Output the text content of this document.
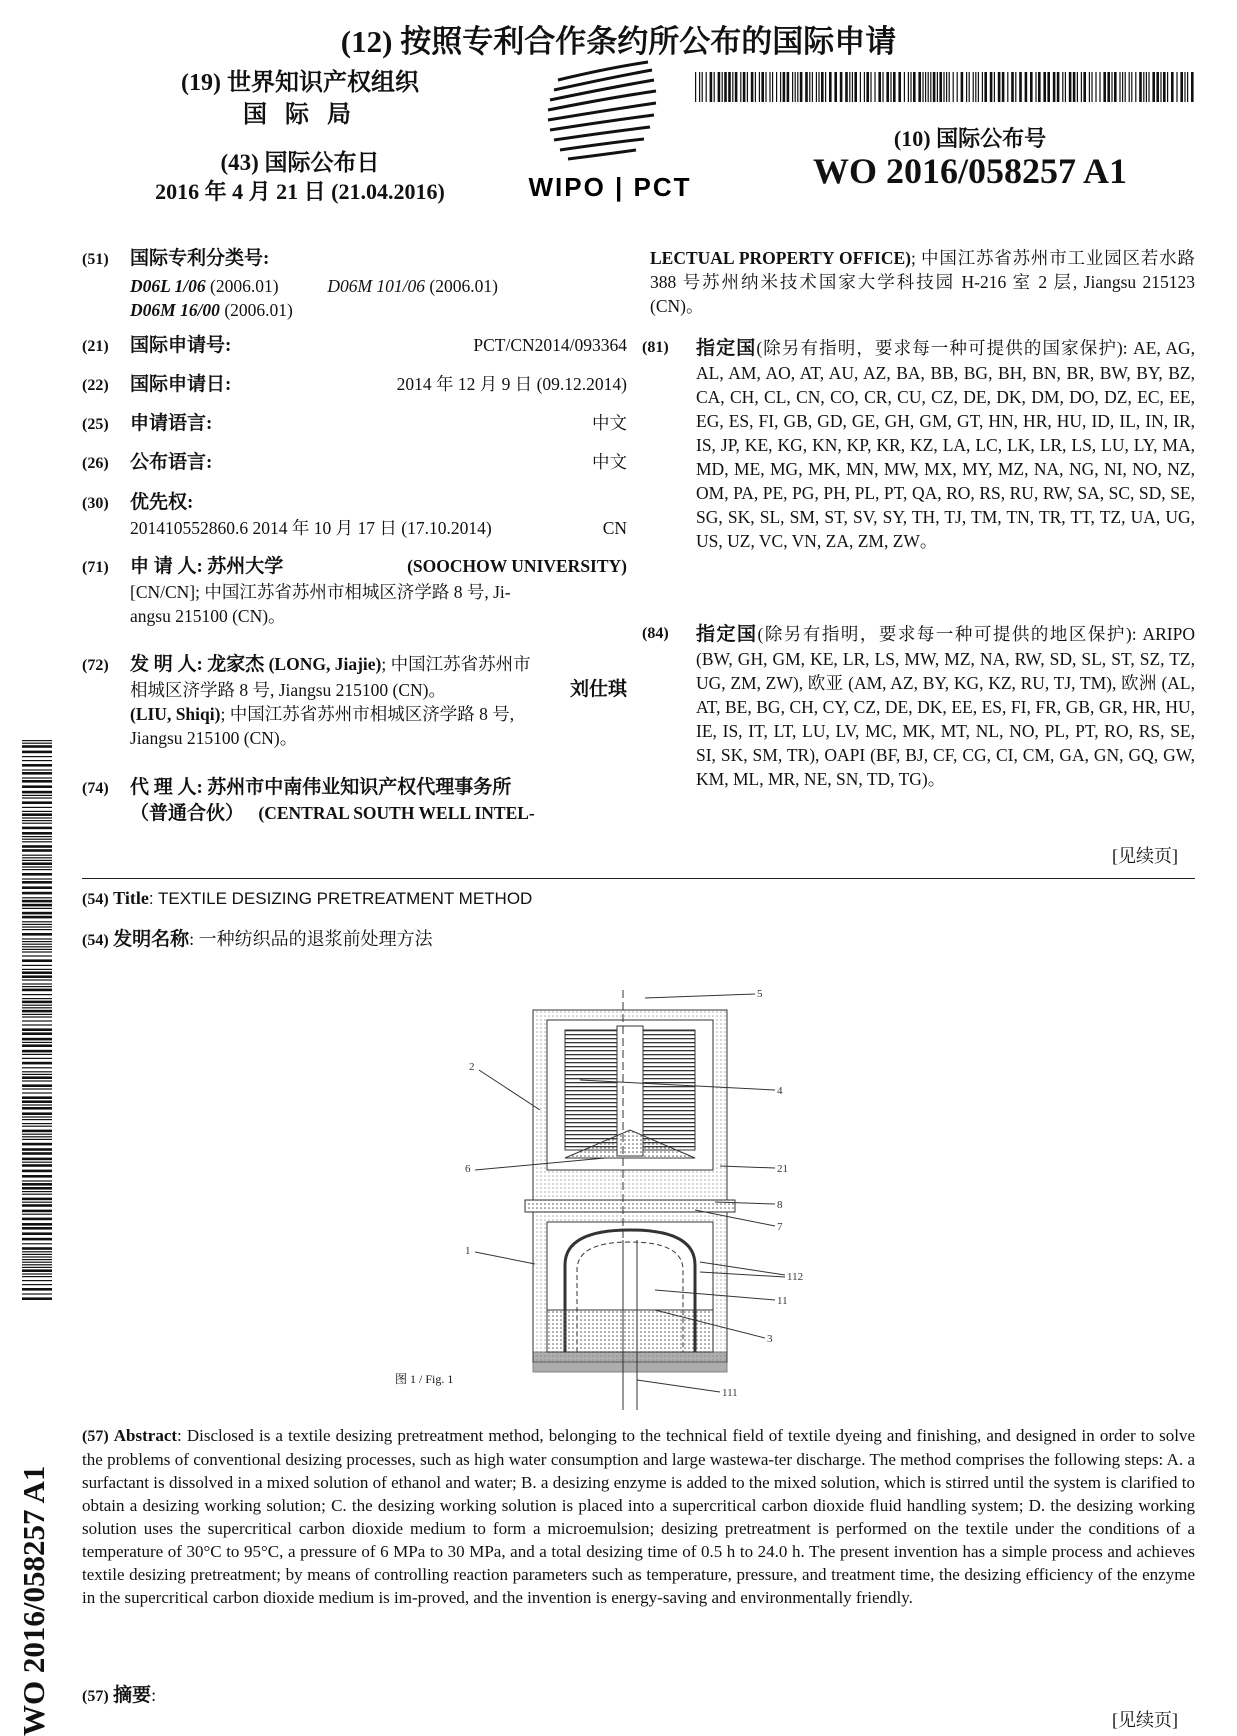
(12) 按照专利合作条约所公布的国际申请
(19) 世界知识产权组织
国 际 局
(43) 国际公布日
2016 年 4 月 21 日 (21.04.2016)	WIPO | PCT
(10) 国际公布号
WO 2016/058257 A1
(51) 国际专利分类号:
D06L 1/06 (2006.01)	D06M 101/06 (2006.01)
D06M 16/00 (2006.01)
(21) 国际申请号:	PCT/CN2014/093364
(22) 国际申请日:	2014 年 12 月 9 日 (09.12.2014)
(25) 申请语言:	中文
(26) 公布语言:	中文
(30) 优先权:
201410552860.6 2014 年 10 月 17 日 (17.10.2014)	CN
(71) 申 请 人: 苏州大学	(SOOCHOW UNIVERSITY)
[CN/CN]; 中国江苏省苏州市相城区济学路 8 号, Ji-
angsu 215100 (CN)。
(72) 发 明 人: 龙家杰 (LONG, Jiajie); 中国江苏省苏州市
相城区济学路 8 号, Jiangsu 215100 (CN)。	刘仕琪
(LIU, Shiqi); 中国江苏省苏州市相城区济学路 8 号,
Jiangsu 215100 (CN)。
(74) 代 理 人: 苏州市中南伟业知识产权代理事务所
（普通合伙） (CENTRAL SOUTH WELL INTEL-
LECTUAL PROPERTY OFFICE); 中国江苏省苏州市工业园区若水路 388 号苏州纳米技术国家大学科技园 H-216 室 2 层, Jiangsu 215123 (CN)。
(81)	指定国(除另有指明，要求每一种可提供的国家保护): AE, AG, AL, AM, AO, AT, AU, AZ, BA, BB, BG, BH, BN, BR, BW, BY, BZ, CA, CH, CL, CN, CO, CR, CU, CZ, DE, DK, DM, DO, DZ, EC, EE, EG, ES, FI, GB, GD, GE, GH, GM, GT, HN, HR, HU, ID, IL, IN, IR, IS, JP, KE, KG, KN, KP, KR, KZ, LA, LC, LK, LR, LS, LU, LY, MA, MD, ME, MG, MK, MN, MW, MX, MY, MZ, NA, NG, NI, NO, NZ, OM, PA, PE, PG, PH, PL, PT, QA, RO, RS, RU, RW, SA, SC, SD, SE, SG, SK, SL, SM, ST, SV, SY, TH, TJ, TM, TN, TR, TT, TZ, UA, UG, US, UZ, VC, VN, ZA, ZM, ZW。
(84)	指定国(除另有指明，要求每一种可提供的地区保护): ARIPO (BW, GH, GM, KE, LR, LS, MW, MZ, NA, RW, SD, SL, ST, SZ, TZ, UG, ZM, ZW), 欧亚 (AM, AZ, BY, KG, KZ, RU, TJ, TM), 欧洲 (AL, AT, BE, BG, CH, CY, CZ, DE, DK, EE, ES, FI, FR, GB, GR, HR, HU, IE, IS, IT, LT, LU, LV, MC, MK, MT, NL, NO, PL, PT, RO, RS, SE, SI, SK, SM, TR), OAPI (BF, BJ, CF, CG, CI, CM, GA, GN, GQ, GW, KM, ML, MR, NE, SN, TD, TG)。
[见续页]
(54) Title: TEXTILE DESIZING PRETREATMENT METHOD
(54) 发明名称: 一种纺织品的退浆前处理方法
5
2
4
6	21
8
7
1
112
11
3
111
图 1 / Fig. 1
(57) Abstract: Disclosed is a textile desizing pretreatment method, belonging to the technical field of textile dyeing and finishing, and designed in order to solve the problems of conventional desizing processes, such as high water consumption and large wastewa-ter discharge. The method comprises the following steps: A. a surfactant is dissolved in a mixed solution of ethanol and water; B. a desizing enzyme is added to the mixed solution, which is stirred until the system is clarified to obtain a desizing working solution; C. the desizing working solution is placed into a supercritical carbon dioxide fluid handling system; D. the desizing working solution uses the supercritical carbon dioxide medium to form a microemulsion; desizing pretreatment is performed on the textile under the conditions of a temperature of 30°C to 95°C, a pressure of 6 MPa to 30 MPa, and a total desizing time of 0.5 h to 24.0 h. The present invention has a simple process and achieves textile desizing pretreatment; by means of controlling reaction parameters such as temperature, pressure, and treatment time, the desizing efficiency of the enzyme in the supercritical carbon dioxide medium is im-proved, and the invention is energy-saving and environmentally friendly.
(57) 摘要:
[见续页]
WO 2016/058257 A1
